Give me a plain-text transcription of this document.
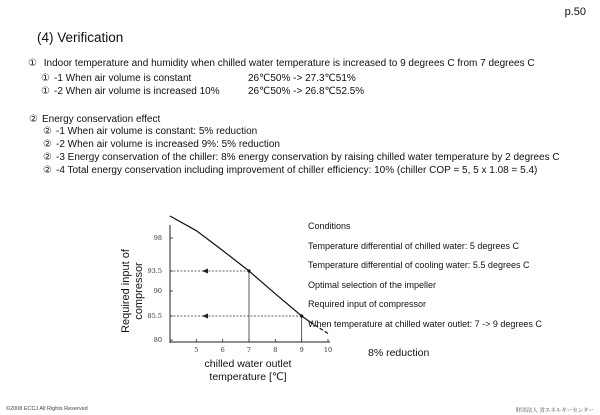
p.50
(4) Verification
① Indoor temperature and humidity when chilled water temperature is increased to 9 degrees C from 7 degrees C
① -1 When air volume is constant	26℃50% -> 27.3℃51%
① -2 When air volume is increased 10%	26℃50% -> 26.8℃52.5%
② Energy conservation effect
② -1 When air volume is constant: 5% reduction
② -2 When air volume is increased 9%: 5% reduction
② -3 Energy conservation of the chiller: 8% energy conservation by raising chilled water temperature by 2 degrees C
② -4 Total energy conservation including improvement of chiller efficiency: 10% (chiller COP = 5, 5 x 1.08 = 5.4)
Required input of compressor
5	6	7	8	9	10
80
85.5
90
93.5
98
chilled water outlet temperature [℃]
Conditions
Temperature differential of chilled water: 5 degrees C
Temperature differential of cooling water: 5.5 degrees C
Optimal selection of the impeller
Required input of compressor
When temperature at chilled water outlet: 7 -> 9 degrees C
8% reduction
©2008 ECCJ All Rights Reserved	財団法人 省エネルギーセンター
